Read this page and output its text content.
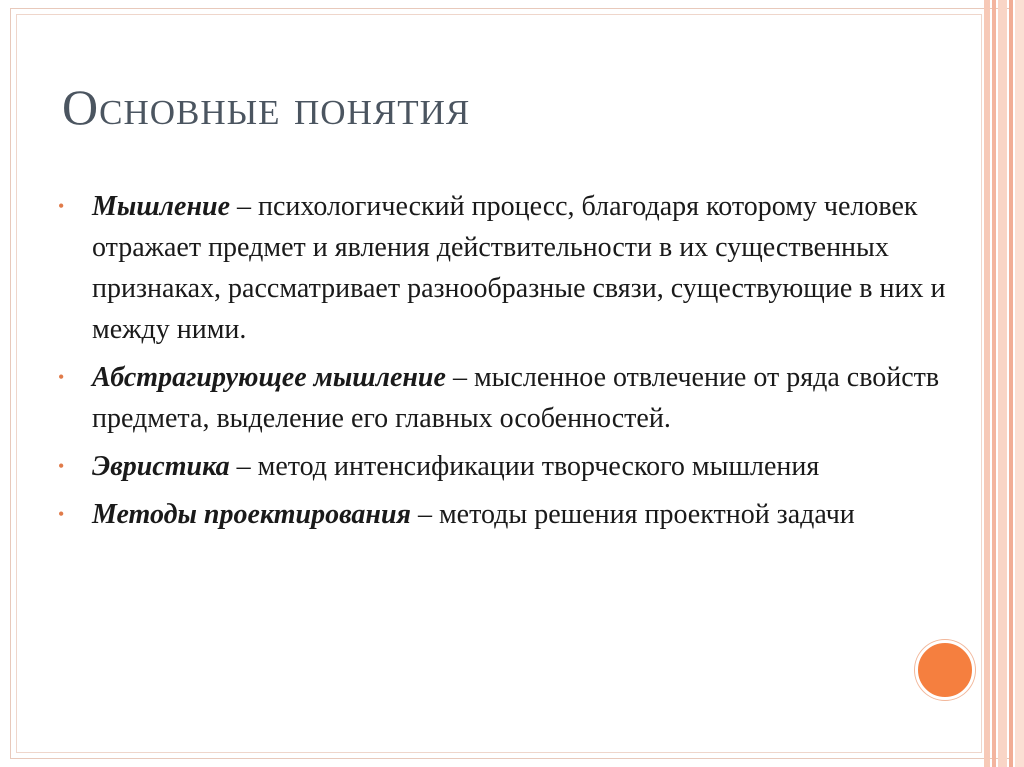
Основные понятия
• Мышление – психологический процесс, благодаря которому человек отражает предмет и явления действительности в их существенных признаках, рассматривает разнообразные связи, существующие в них и между ними.
• Абстрагирующее мышление – мысленное отвлечение от ряда свойств предмета, выделение его главных особенностей.
• Эвристика – метод интенсификации творческого мышления
• Методы проектирования – методы решения проектной задачи
